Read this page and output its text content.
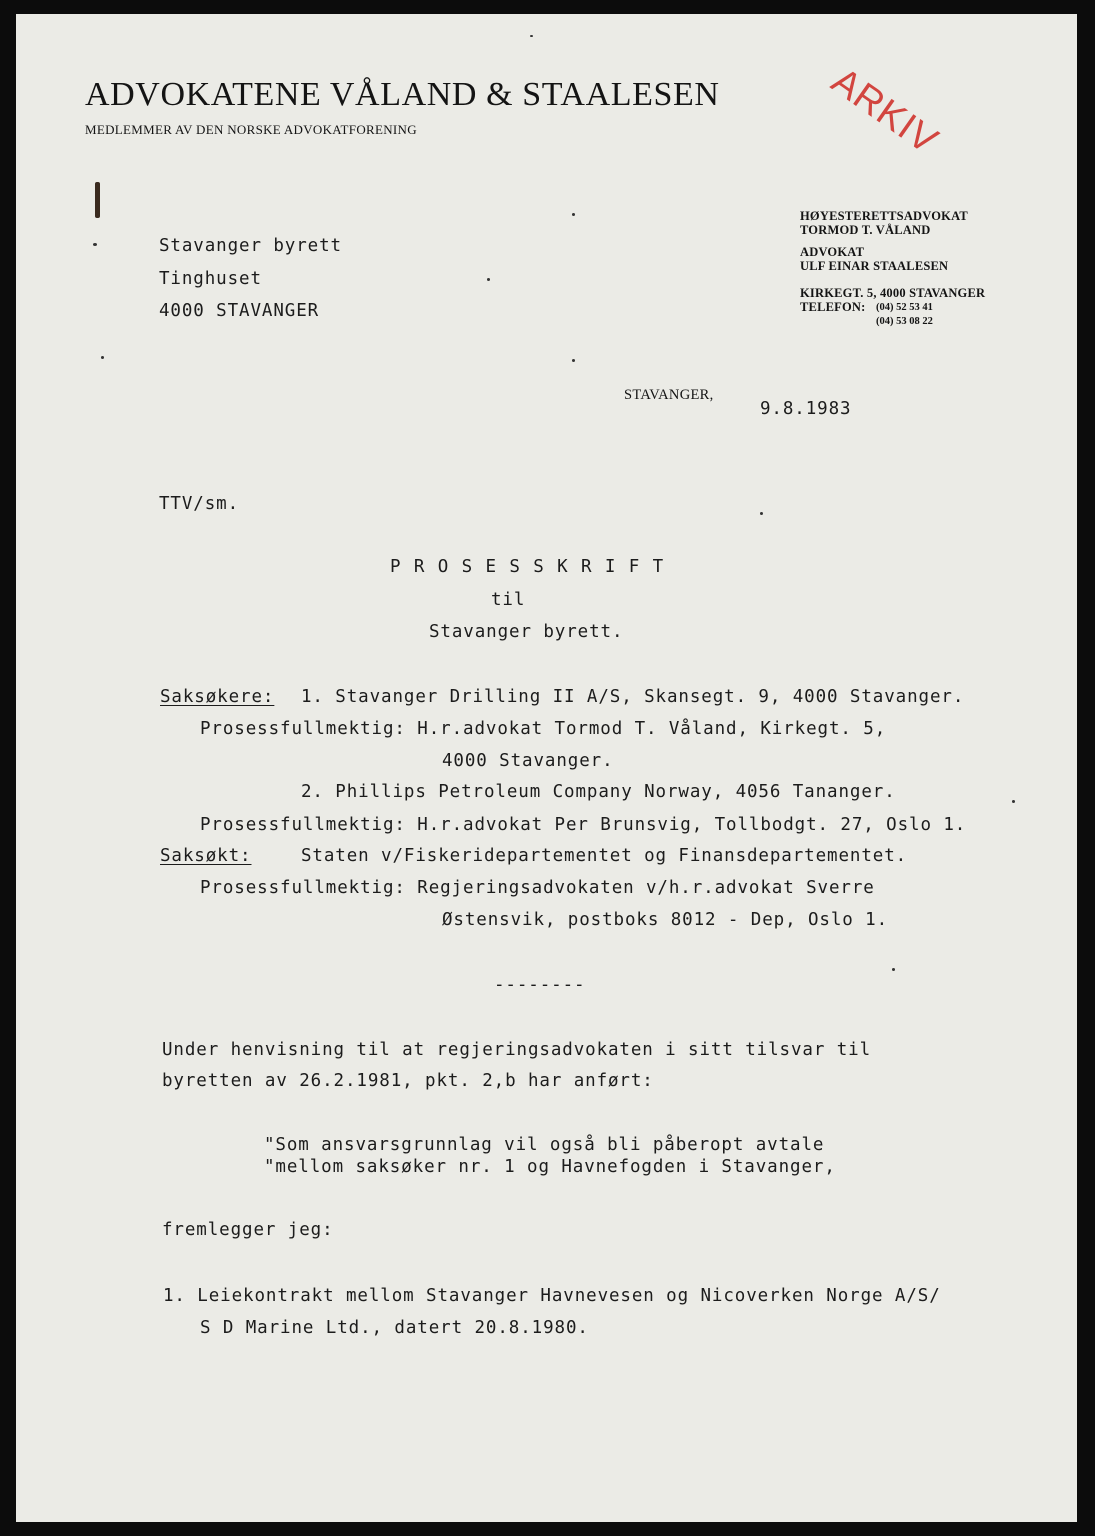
ADVOKATENE VÅLAND & STAALESEN
MEDLEMMER AV DEN NORSKE ADVOKATFORENING	ARKIV
HØYESTERETTSADVOKAT
TORMOD T. VÅLAND
ADVOKAT
ULF EINAR STAALESEN
KIRKEGT. 5, 4000 STAVANGER
TELEFON: (04) 52 53 41
(04) 53 08 22
Stavanger byrett
Tinghuset
4000 STAVANGER
STAVANGER,
9.8.1983
TTV/sm.
P R O S E S S K R I F T
til
Stavanger byrett.
Saksøkere: 1. Stavanger Drilling II A/S, Skansegt. 9, 4000 Stavanger.
Prosessfullmektig: H.r.advokat Tormod T. Våland, Kirkegt. 5,
4000 Stavanger.
2. Phillips Petroleum Company Norway, 4056 Tananger.
Prosessfullmektig: H.r.advokat Per Brunsvig, Tollbodgt. 27, Oslo 1.
Saksøkt:	Staten v/Fiskeridepartementet og Finansdepartementet.
Prosessfullmektig: Regjeringsadvokaten v/h.r.advokat Sverre
Østensvik, postboks 8012 - Dep, Oslo 1.
--------
Under henvisning til at regjeringsadvokaten i sitt tilsvar til
byretten av 26.2.1981, pkt. 2,b har anført:
"Som ansvarsgrunnlag vil også bli påberopt avtale
"mellom saksøker nr. 1 og Havnefogden i Stavanger,
fremlegger jeg:
1. Leiekontrakt mellom Stavanger Havnevesen og Nicoverken Norge A/S/
S D Marine Ltd., datert 20.8.1980.
